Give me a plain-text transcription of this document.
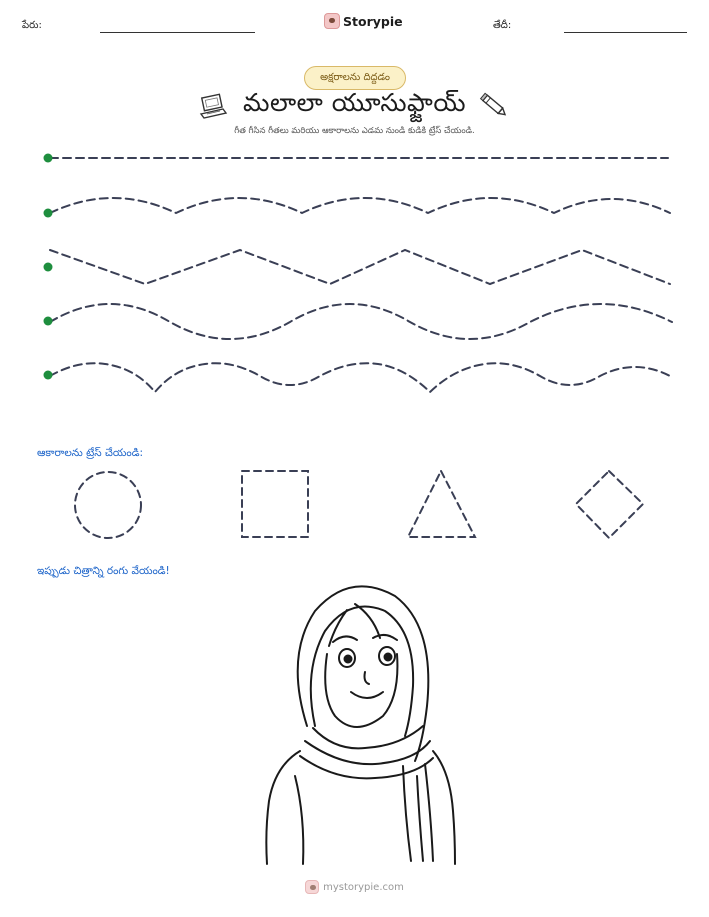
పేరు:	Storypie	తేదీ:
అక్షరాలను దిద్దడం
మలాలా యూసుఫ్జాయ్
గీత గీసిన గీతలు మరియు ఆకారాలను ఎడమ నుండి కుడికి ట్రేస్ చేయండి.
ఆకారాలను ట్రేస్ చేయండి:
ఇప్పుడు చిత్రాన్ని రంగు వేయండి!
mystorypie.com
